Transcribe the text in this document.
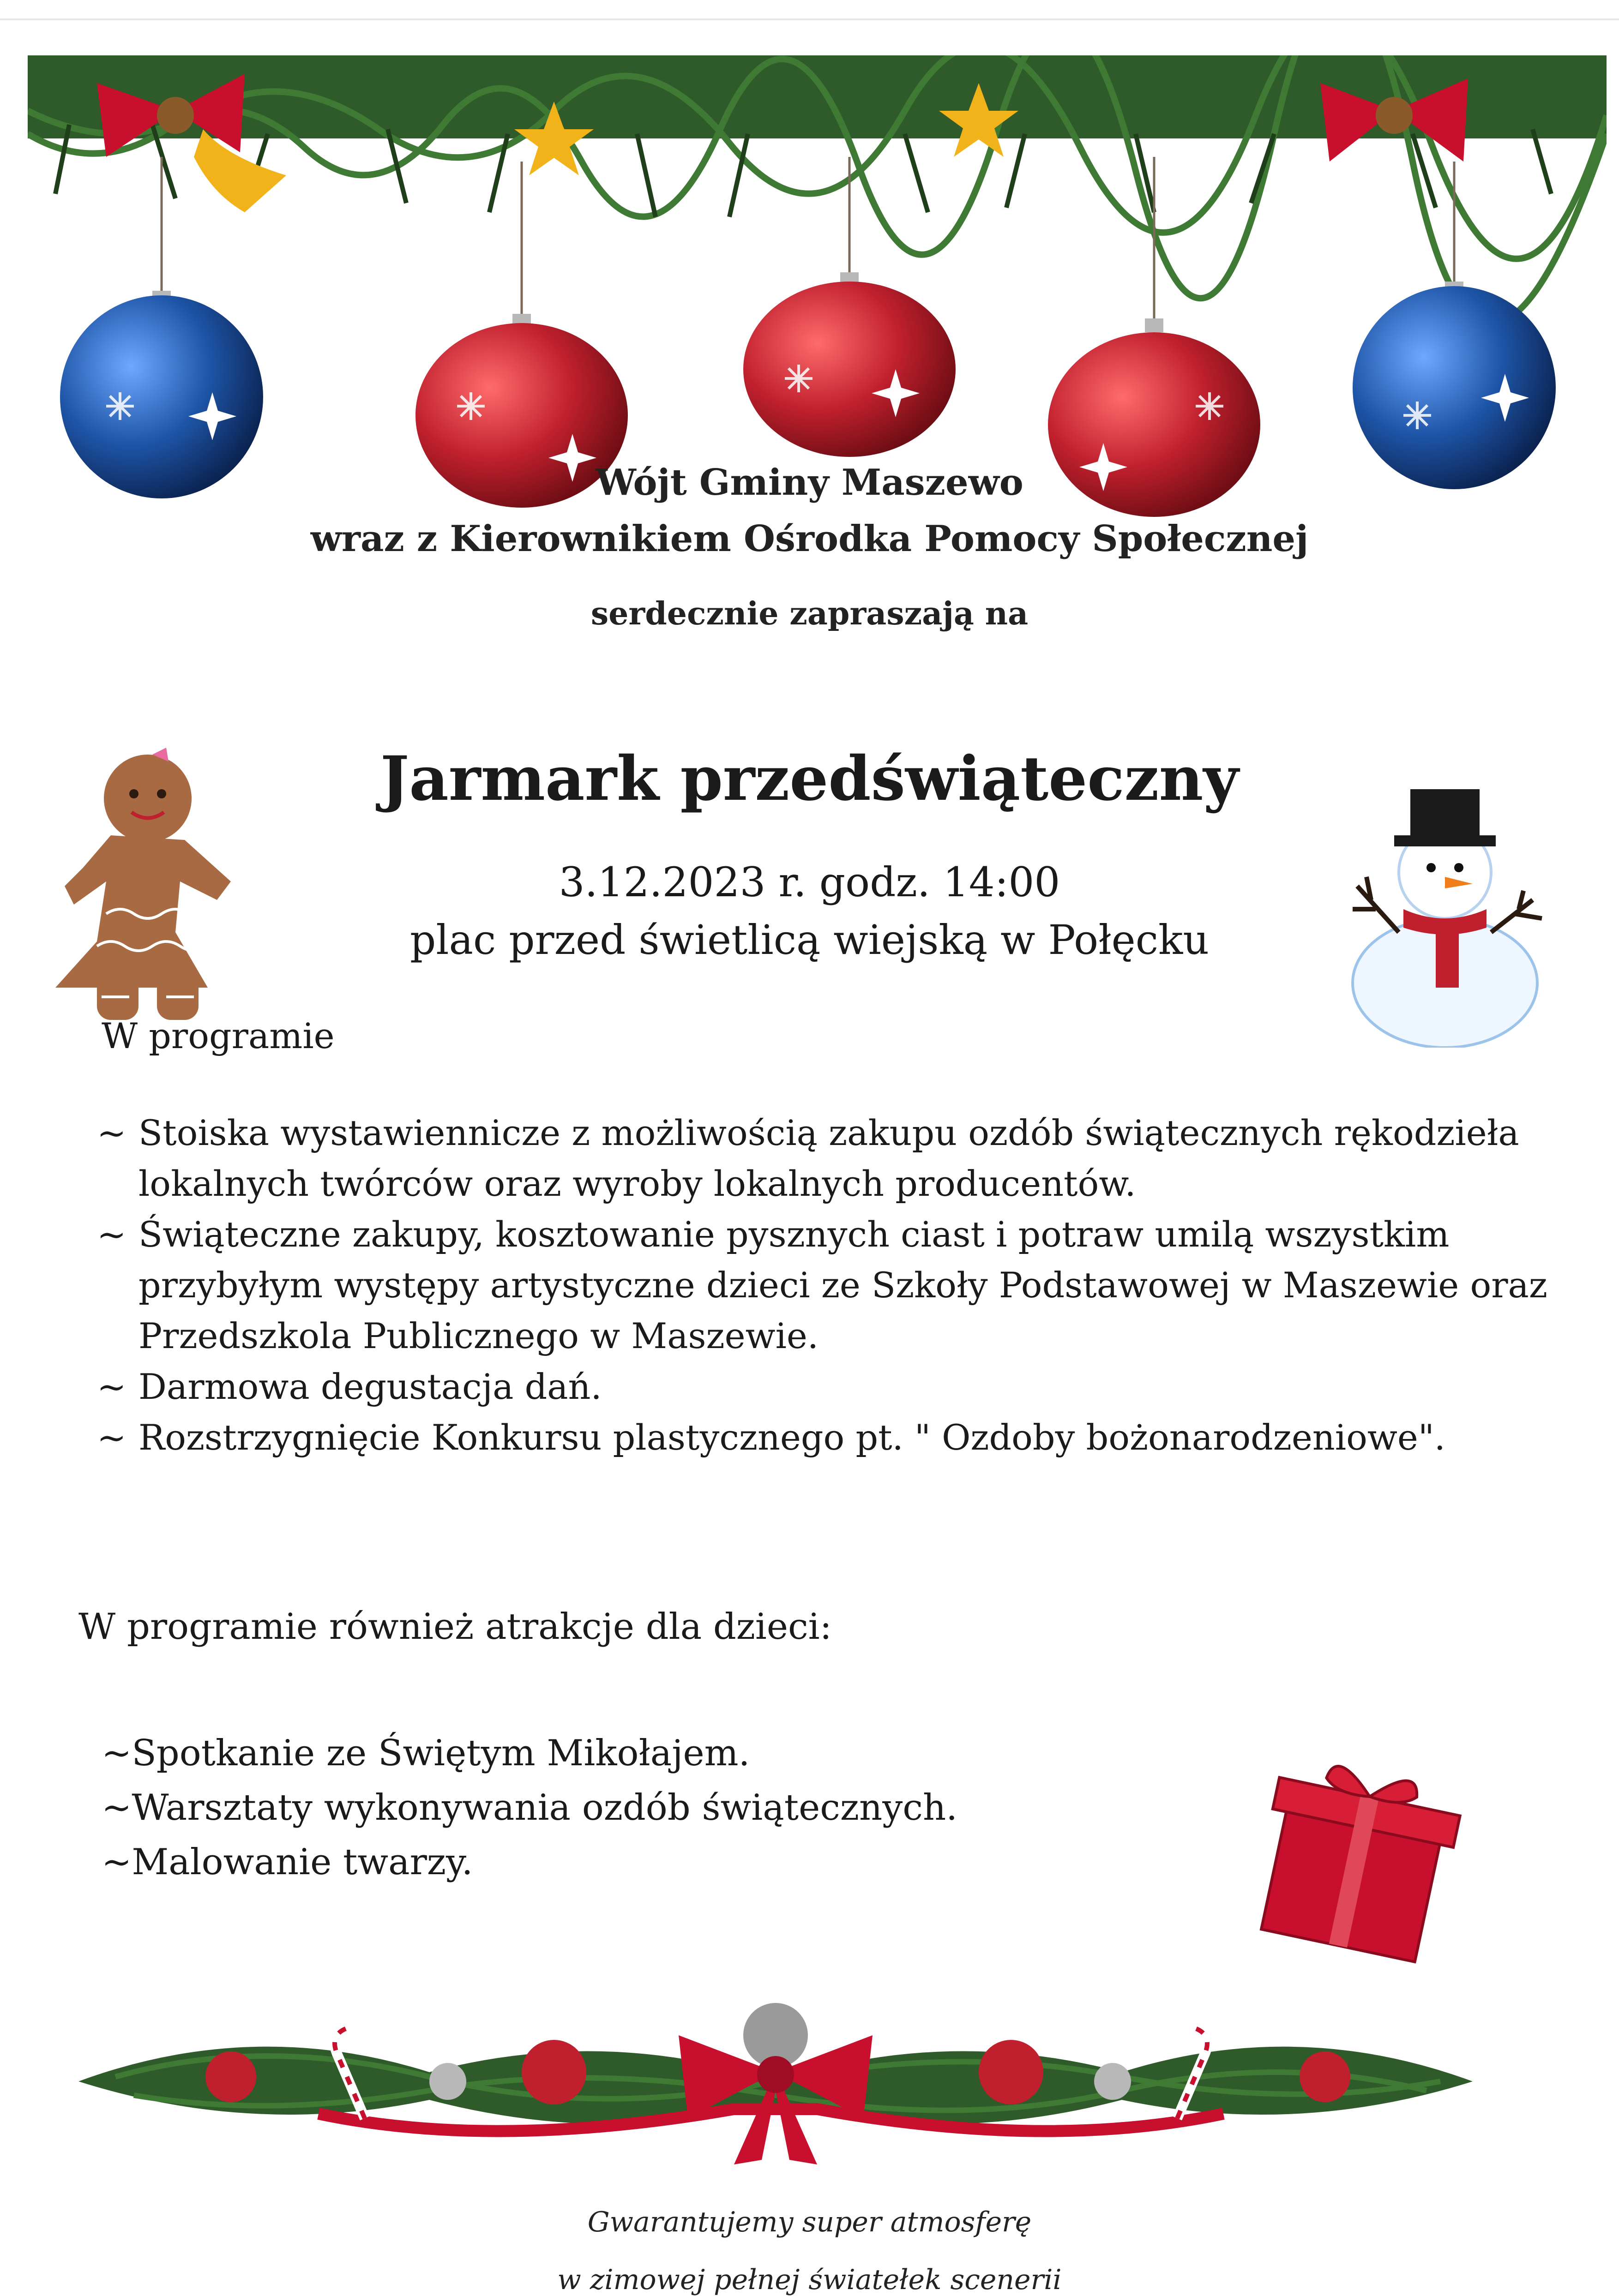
Wójt Gminy Maszewo
wraz z Kierownikiem Ośrodka Pomocy Społecznej
serdecznie zapraszają na
Jarmark przedświąteczny
3.12.2023 r. godz. 14:00
plac przed świetlicą wiejską w Połęcku
W programie
~ Stoiska wystawiennicze z możliwością zakupu ozdób świątecznych rękodzieła lokalnych twórców oraz wyroby lokalnych producentów.
~ Świąteczne zakupy, kosztowanie pysznych ciast i potraw umilą wszystkim przybyłym występy artystyczne dzieci ze Szkoły Podstawowej w Maszewie oraz Przedszkola Publicznego w Maszewie.
~ Darmowa degustacja dań.
~ Rozstrzygnięcie Konkursu plastycznego pt. " Ozdoby bożonarodzeniowe".
W programie również atrakcje dla dzieci:
~Spotkanie ze Świętym Mikołajem.
~Warsztaty wykonywania ozdób świątecznych.
~Malowanie twarzy.
Gwarantujemy super atmosferę
w zimowej pełnej światełek scenerii
